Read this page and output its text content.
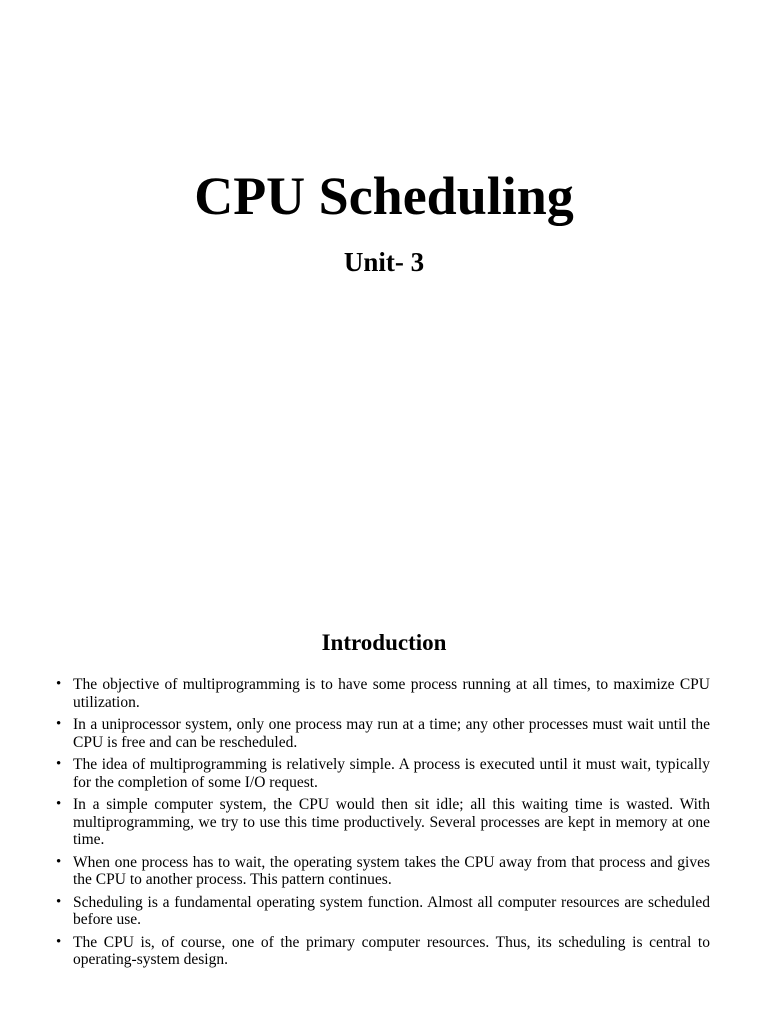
CPU Scheduling
Unit- 3
Introduction
• The objective of multiprogramming is to have some process running at all times, to maximize CPU utilization.
• In a uniprocessor system, only one process may run at a time; any other processes must wait until the CPU is free and can be rescheduled.
• The idea of multiprogramming is relatively simple. A process is executed until it must wait, typically for the completion of some I/O request.
• In a simple computer system, the CPU would then sit idle; all this waiting time is wasted. With multiprogramming, we try to use this time productively. Several processes are kept in memory at one time.
• When one process has to wait, the operating system takes the CPU away from that process and gives the CPU to another process. This pattern continues.
• Scheduling is a fundamental operating system function. Almost all computer resources are scheduled before use.
• The CPU is, of course, one of the primary computer resources. Thus, its scheduling is central to operating-system design.
